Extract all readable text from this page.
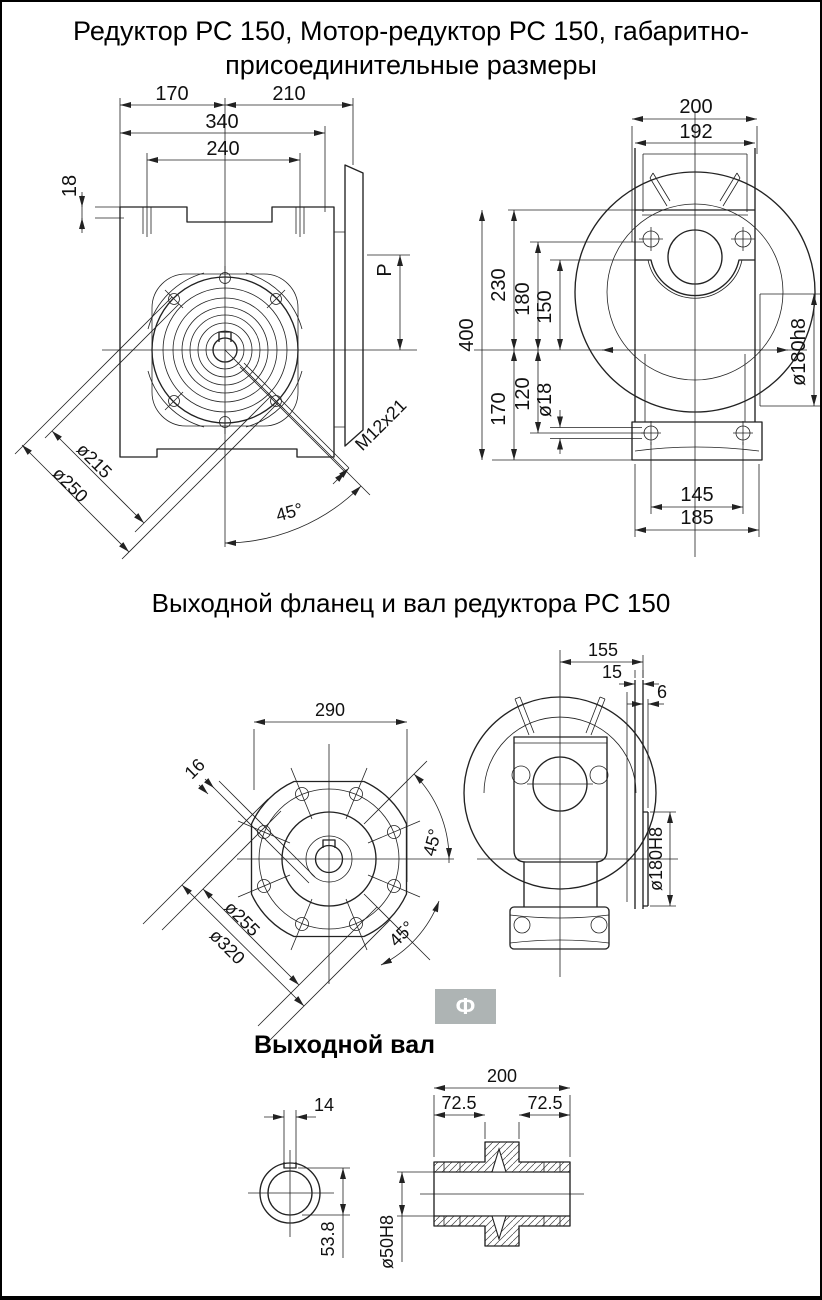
Редуктор РС 150, Мотор-редуктор РС 150, габаритно-
присоединительные размеры
170	210
340
240
18
P
ø215
ø250
M12x21
45°
ø180h8
200
192
400
230
170
180
120
150
ø18
145
185
290
16
ø255
ø320
45°
45°
155
15
6
ø180H8
14
53.8
200
72.5	72.5
ø50H8
Выходной фланец и вал редуктора РС 150
Ф
Выходной вал
